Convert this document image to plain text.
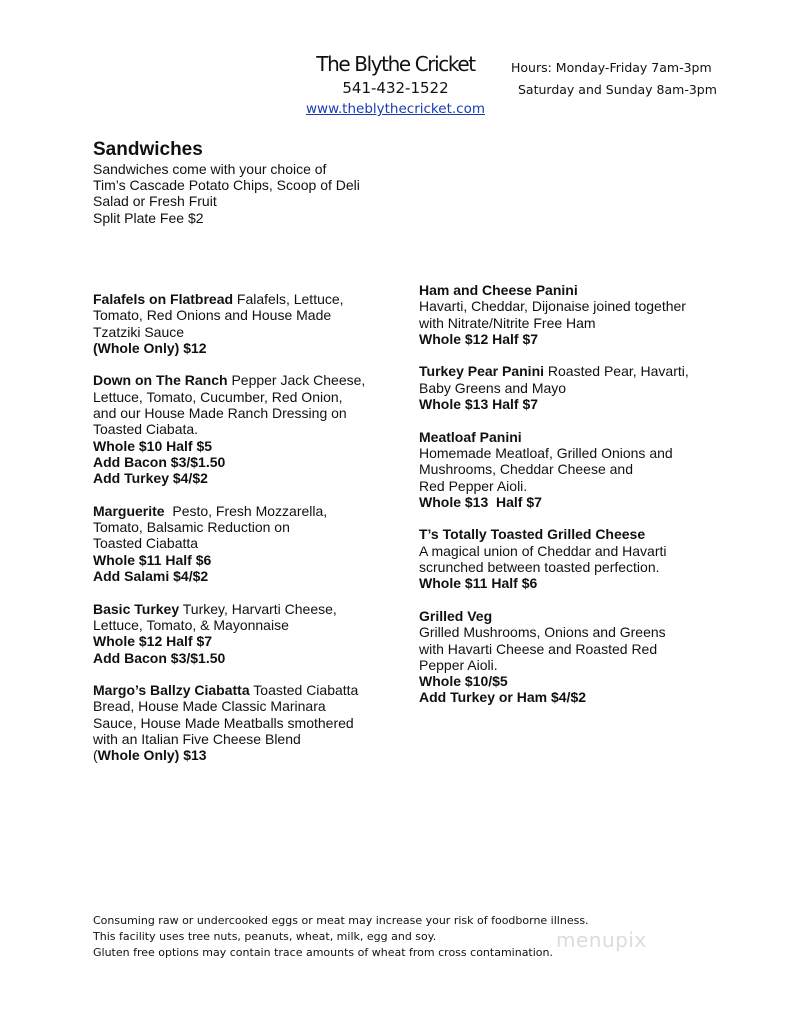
The Blythe Cricket
541-432-1522
www.theblythecricket.com
Hours: Monday-Friday 7am-3pm
Saturday and Sunday 8am-3pm
Sandwiches
Sandwiches come with your choice of
Tim’s Cascade Potato Chips, Scoop of Deli
Salad or Fresh Fruit
Split Plate Fee $2
Falafels on Flatbread Falafels, Lettuce,
Tomato, Red Onions and House Made
Tzatziki Sauce
(Whole Only) $12
Down on The Ranch Pepper Jack Cheese,
Lettuce, Tomato, Cucumber, Red Onion,
and our House Made Ranch Dressing on
Toasted Ciabata.
Whole $10 Half $5
Add Bacon $3/$1.50
Add Turkey $4/$2
Marguerite  Pesto, Fresh Mozzarella,
Tomato, Balsamic Reduction on
Toasted Ciabatta
Whole $11 Half $6
Add Salami $4/$2
Basic Turkey Turkey, Harvarti Cheese,
Lettuce, Tomato, & Mayonnaise
Whole $12 Half $7
Add Bacon $3/$1.50
Margo’s Ballzy Ciabatta Toasted Ciabatta
Bread, House Made Classic Marinara
Sauce, House Made Meatballs smothered
with an Italian Five Cheese Blend
(Whole Only) $13
Ham and Cheese Panini
Havarti, Cheddar, Dijonaise joined together
with Nitrate/Nitrite Free Ham
Whole $12 Half $7
Turkey Pear Panini Roasted Pear, Havarti,
Baby Greens and Mayo
Whole $13 Half $7
Meatloaf Panini
Homemade Meatloaf, Grilled Onions and
Mushrooms, Cheddar Cheese and
Red Pepper Aioli.
Whole $13  Half $7
T’s Totally Toasted Grilled Cheese
A magical union of Cheddar and Havarti
scrunched between toasted perfection.
Whole $11 Half $6
Grilled Veg
Grilled Mushrooms, Onions and Greens
with Havarti Cheese and Roasted Red
Pepper Aioli.
Whole $10/$5
Add Turkey or Ham $4/$2
Consuming raw or undercooked eggs or meat may increase your risk of foodborne illness.
This facility uses tree nuts, peanuts, wheat, milk, egg and soy.
Gluten free options may contain trace amounts of wheat from cross contamination.
menupix
